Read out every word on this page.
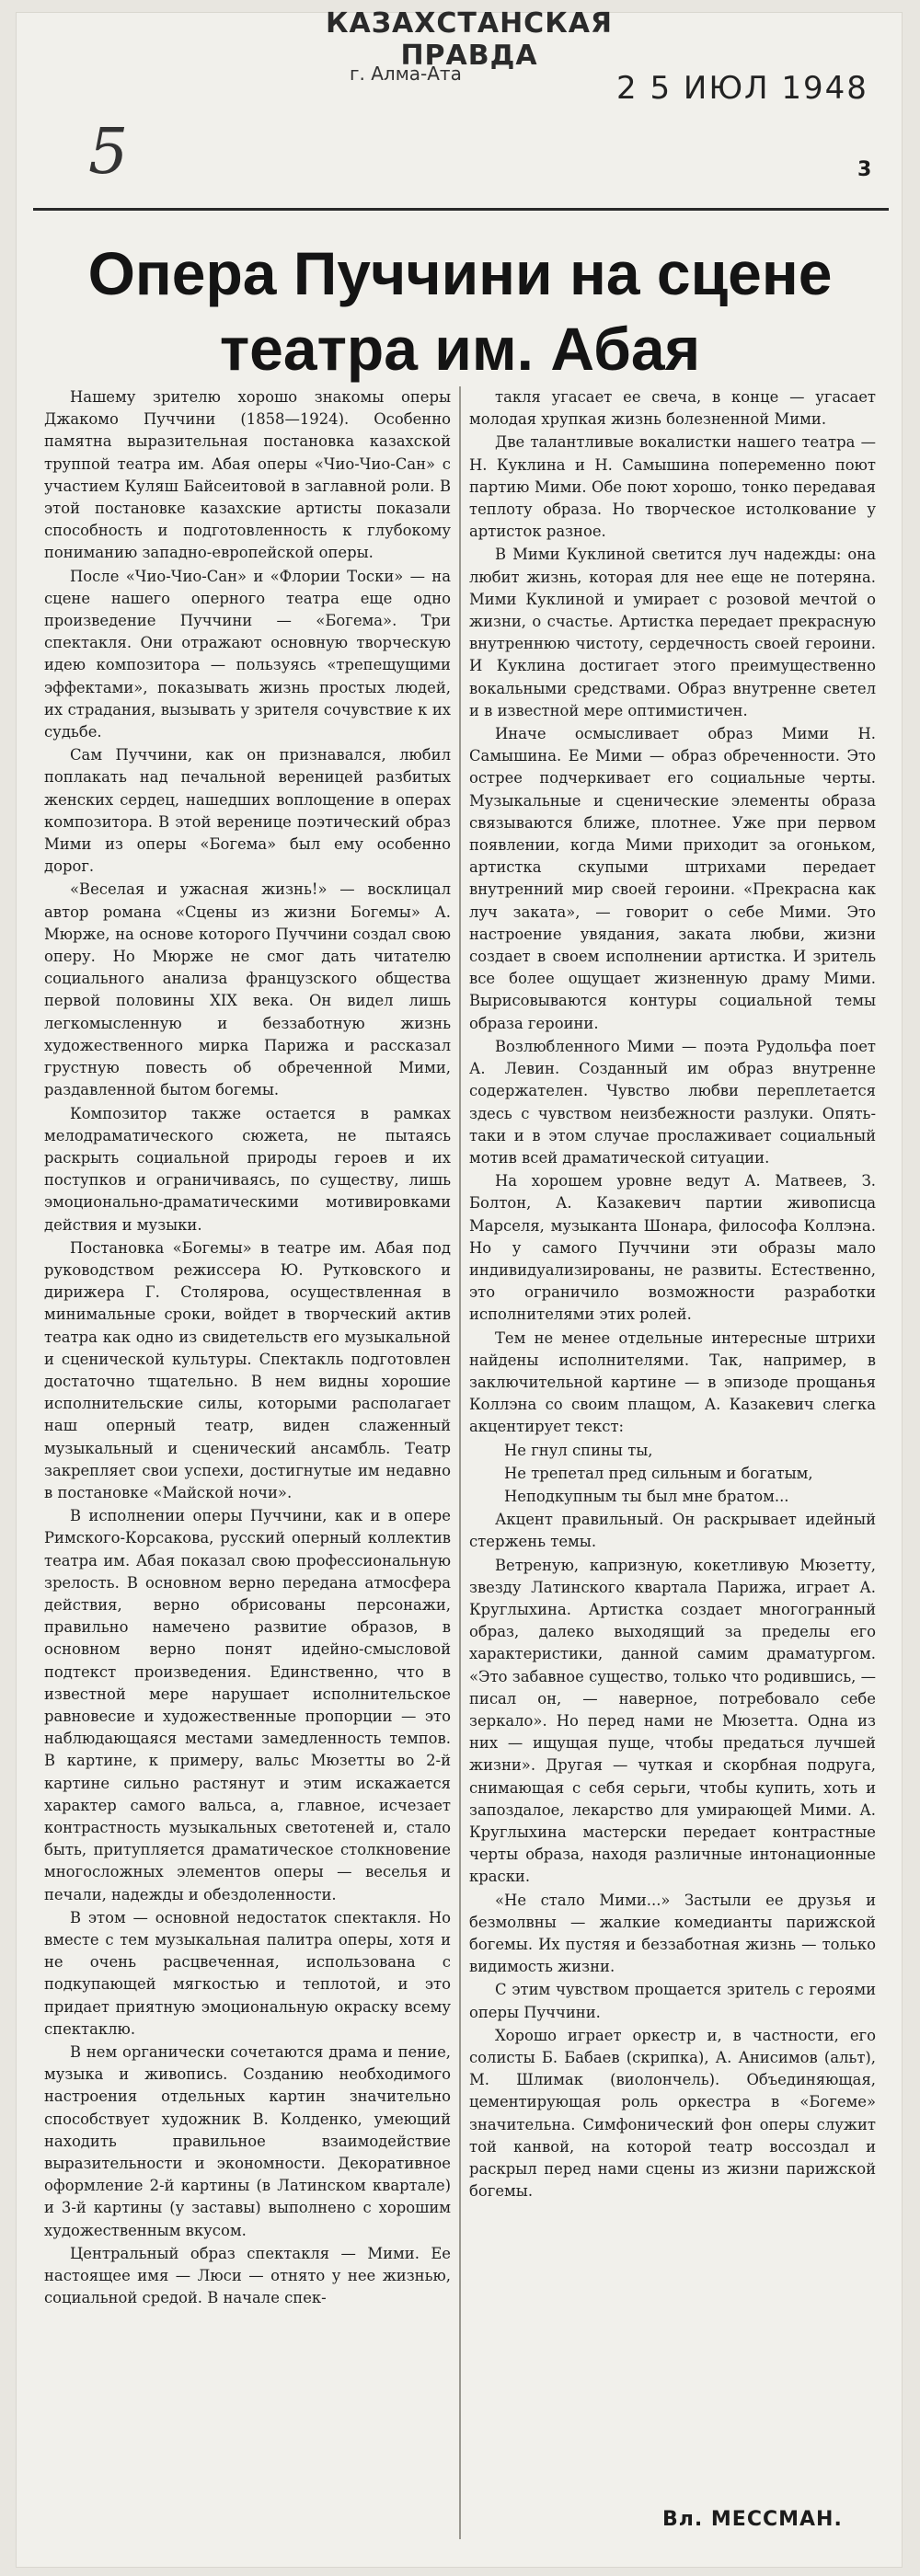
КАЗАХСТАНСКАЯ ПРАВДА
г. Алма-Ата	2 5 ИЮЛ 1948
5	3
Опера Пуччини на сцене
театра им. Абая

Нашему зрителю хорошо знакомы оперы Джакомо Пуччини (1858—1924). Особенно памятна выразительная постановка казахской труппой театра им. Абая оперы «Чио-Чио-Сан» с участием Куляш Байсеитовой в заглавной роли. В этой постановке казахские артисты показали способность и подготовленность к глубокому пониманию западно-европейской оперы.

После «Чио-Чио-Сан» и «Флории Тоски» — на сцене нашего оперного театра еще одно произведение Пуччини — «Богема». Три спектакля. Они отражают основную творческую идею композитора — пользуясь «трепещущими эффектами», показывать жизнь простых людей, их страдания, вызывать у зрителя сочувствие к их судьбе.

Сам Пуччини, как он признавался, любил поплакать над печальной вереницей разбитых женских сердец, нашедших воплощение в операх композитора. В этой веренице поэтический образ Мими из оперы «Богема» был ему особенно дорог.

«Веселая и ужасная жизнь!» — восклицал автор романа «Сцены из жизни Богемы» А. Мюрже, на основе которого Пуччини создал свою оперу. Но Мюрже не смог дать читателю социального анализа французского общества первой половины XIX века. Он видел лишь легкомысленную и беззаботную жизнь художественного мирка Парижа и рассказал грустную повесть об обреченной Мими, раздавленной бытом богемы.

Композитор также остается в рамках мелодраматического сюжета, не пытаясь раскрыть социальной природы героев и их поступков и ограничиваясь, по существу, лишь эмоционально-драматическими мотивировками действия и музыки.

Постановка «Богемы» в театре им. Абая под руководством режиссера Ю. Рутковского и дирижера Г. Столярова, осуществленная в минимальные сроки, войдет в творческий актив театра как одно из свидетельств его музыкальной и сценической культуры. Спектакль подготовлен достаточно тщательно. В нем видны хорошие исполнительские силы, которыми располагает наш оперный театр, виден слаженный музыкальный и сценический ансамбль. Театр закрепляет свои успехи, достигнутые им недавно в постановке «Майской ночи».

В исполнении оперы Пуччини, как и в опере Римского-Корсакова, русский оперный коллектив театра им. Абая показал свою профессиональную зрелость. В основном верно передана атмосфера действия, верно обрисованы персонажи, правильно намечено развитие образов, в основном верно понят идейно-смысловой подтекст произведения. Единственно, что в известной мере нарушает исполнительское равновесие и художественные пропорции — это наблюдающаяся местами замедленность темпов. В картине, к примеру, вальс Мюзетты во 2-й картине сильно растянут и этим искажается характер самого вальса, а, главное, исчезает контрастность музыкальных светотеней и, стало быть, притупляется драматическое столкновение многосложных элементов оперы — веселья и печали, надежды и обездоленности.

В этом — основной недостаток спектакля. Но вместе с тем музыкальная палитра оперы, хотя и не очень расцвеченная, использована с подкупающей мягкостью и теплотой, и это придает приятную эмоциональную окраску всему спектаклю.

В нем органически сочетаются драма и пение, музыка и живопись. Созданию необходимого настроения отдельных картин значительно способствует художник В. Колденко, умеющий находить правильное взаимодействие выразительности и экономности. Декоративное оформление 2-й картины (в Латинском квартале) и 3-й картины (у заставы) выполнено с хорошим художественным вкусом.

Центральный образ спектакля — Мими. Ее настоящее имя — Люси — отнято у нее жизнью, социальной средой. В начале спек-

такля угасает ее свеча, в конце — угасает молодая хрупкая жизнь болезненной Мими.

Две талантливые вокалистки нашего театра — Н. Куклина и Н. Самышина попеременно поют партию Мими. Обе поют хорошо, тонко передавая теплоту образа. Но творческое истолкование у артисток разное.

В Мими Куклиной светится луч надежды: она любит жизнь, которая для нее еще не потеряна. Мими Куклиной и умирает с розовой мечтой о жизни, о счастье. Артистка передает прекрасную внутреннюю чистоту, сердечность своей героини. И Куклина достигает этого преимущественно вокальными средствами. Образ внутренне светел и в известной мере оптимистичен.

Иначе осмысливает образ Мими Н. Самышина. Ее Мими — образ обреченности. Это острее подчеркивает его социальные черты. Музыкальные и сценические элементы образа связываются ближе, плотнее. Уже при первом появлении, когда Мими приходит за огоньком, артистка скупыми штрихами передает внутренний мир своей героини. «Прекрасна как луч заката», — говорит о себе Мими. Это настроение увядания, заката любви, жизни создает в своем исполнении артистка. И зритель все более ощущает жизненную драму Мими. Вырисовываются контуры социальной темы образа героини.

Возлюбленного Мими — поэта Рудольфа поет А. Левин. Созданный им образ внутренне содержателен. Чувство любви переплетается здесь с чувством неизбежности разлуки. Опять-таки и в этом случае прослаживает социальный мотив всей драматической ситуации.

На хорошем уровне ведут А. Матвеев, З. Болтон, А. Казакевич партии живописца Марселя, музыканта Шонара, философа Коллэна. Но у самого Пуччини эти образы мало индивидуализированы, не развиты. Естественно, это ограничило возможности разработки исполнителями этих ролей.

Тем не менее отдельные интересные штрихи найдены исполнителями. Так, например, в заключительной картине — в эпизоде прощанья Коллэна со своим плащом, А. Казакевич слегка акцентирует текст:

Не гнул спины ты,

Не трепетал пред сильным и богатым,

Неподкупным ты был мне братом...

Акцент правильный. Он раскрывает идейный стержень темы.

Ветреную, капризную, кокетливую Мюзетту, звезду Латинского квартала Парижа, играет А. Круглыхина. Артистка создает многогранный образ, далеко выходящий за пределы его характеристики, данной самим драматургом. «Это забавное существо, только что родившись, — писал он, — наверное, потребовало себе зеркало». Но перед нами не Мюзетта. Одна из них — ищущая пуще, чтобы предаться лучшей жизни». Другая — чуткая и скорбная подруга, снимающая с себя серьги, чтобы купить, хоть и запоздалое, лекарство для умирающей Мими. А. Круглыхина мастерски передает контрастные черты образа, находя различные интонационные краски.

«Не стало Мими...» Застыли ее друзья и безмолвны — жалкие комедианты парижской богемы. Их пустяя и беззаботная жизнь — только видимость жизни.

С этим чувством прощается зритель с героями оперы Пуччини.

Хорошо играет оркестр и, в частности, его солисты Б. Бабаев (скрипка), А. Анисимов (альт), М. Шлимак (виолончель). Объединяющая, цементирующая роль оркестра в «Богеме» значительна. Симфонический фон оперы служит той канвой, на которой театр воссоздал и раскрыл перед нами сцены из жизни парижской богемы.

Вл. МЕССМАН.
